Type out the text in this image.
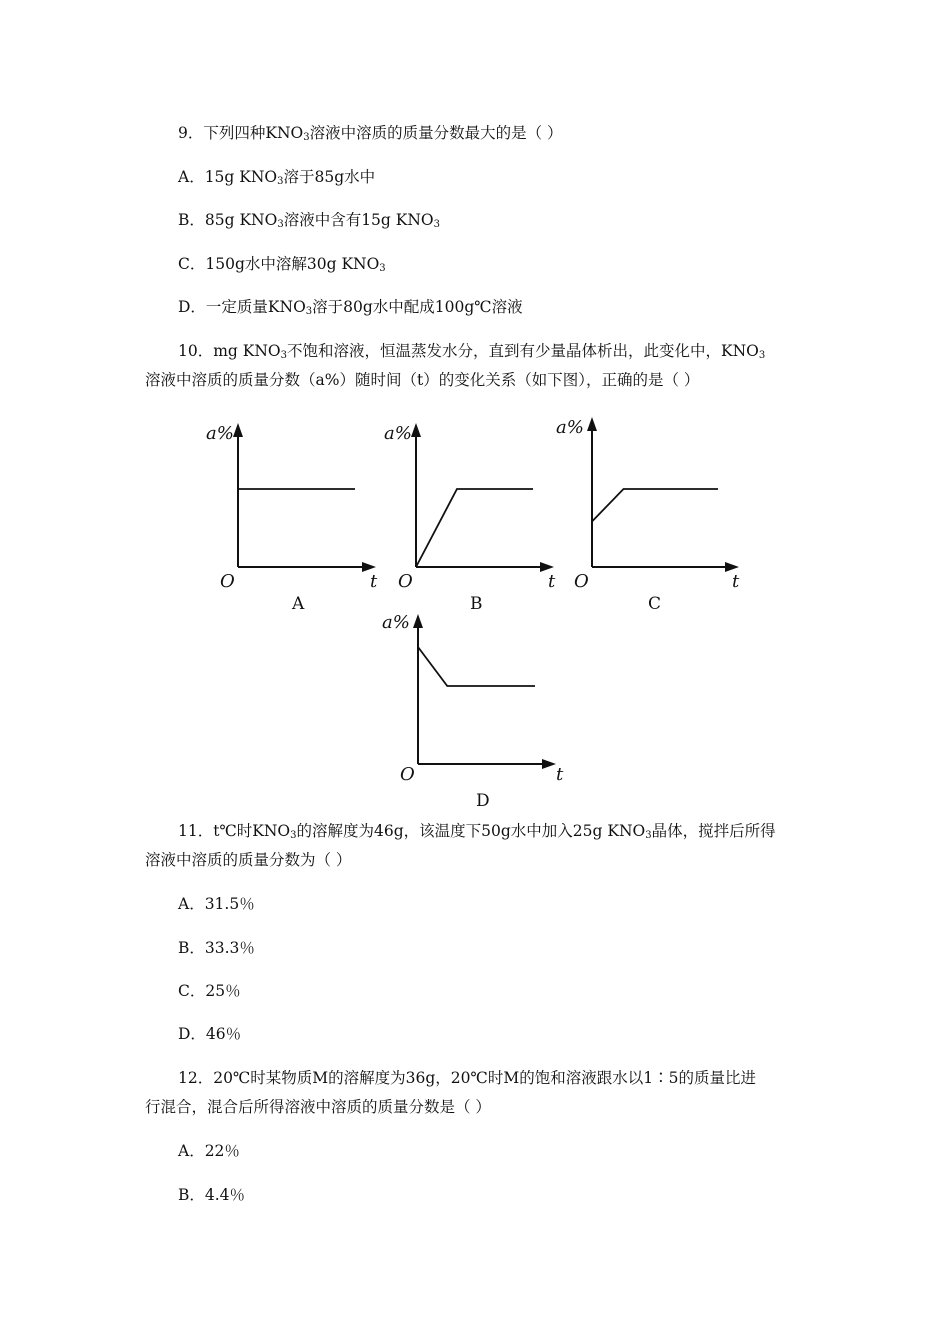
9．下列四种$KNO_3$溶液中溶质的质量分数最大的是（ ）
A．15g $KNO_3$溶于85g水中
B．85g $KNO_3$溶液中含有15g $KNO_3$
C．150g水中溶解30g $KNO_3$
D．一定质量$KNO_3$溶于80g水中配成100g℃溶液
10．mg $KNO_3$不饱和溶液，恒温蒸发水分，直到有少量晶体析出，此变化中，$KNO_3$
溶液中溶质的质量分数（a%）随时间（t）的变化关系（如下图），正确的是（ ）
a%
O	t
A
a%
O	t
B
a%
O	t
C
a%
O	t
D
11．t℃时$KNO_3$的溶解度为46g，该温度下50g水中加入25g $KNO_3$晶体，搅拌后所得
溶液中溶质的质量分数为（ ）
A．31.5％
B．33.3％
C．25％
D．46％
12．20℃时某物质M的溶解度为36g，20℃时M的饱和溶液跟水以1∶5的质量比进
行混合，混合后所得溶液中溶质的质量分数是（ ）
A．22％
B．4.4％
